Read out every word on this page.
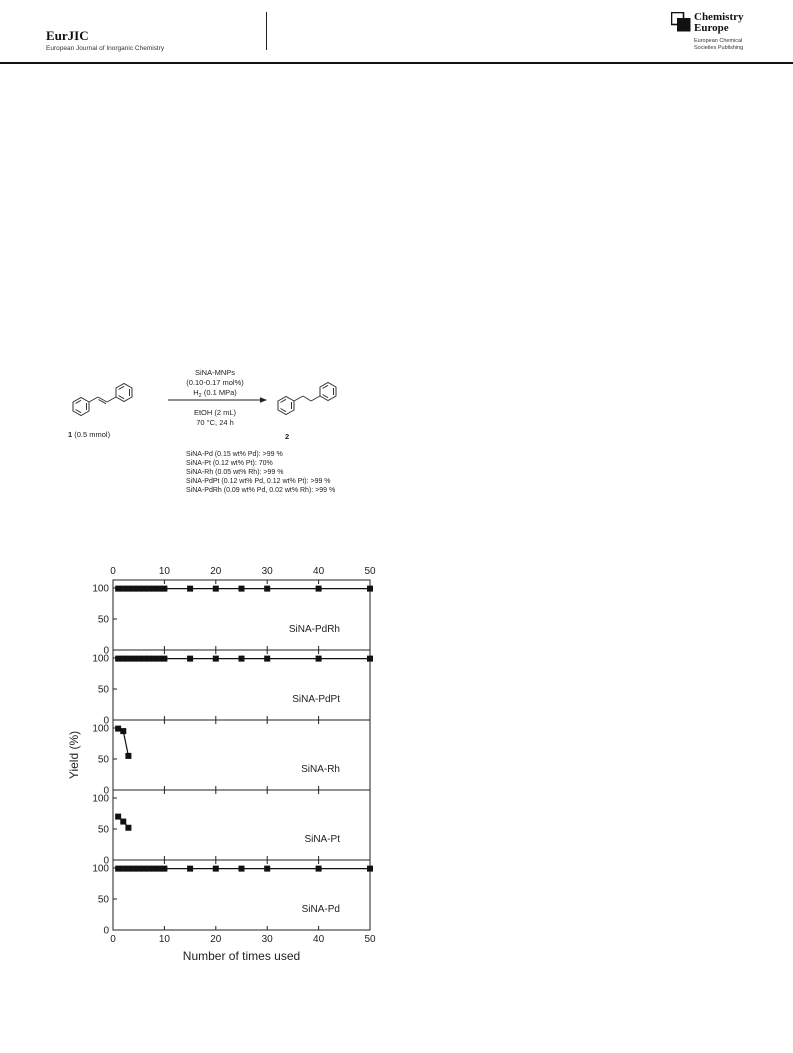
EurJIC
European Journal of Inorganic Chemistry
Chemistry
Europe
European Chemical
Societies Publishing
1 (0.5 mmol)
SiNA-MNPs
(0.10-0.17 mol%)
$H_2$ (0.1 MPa)
EtOH (2 mL)
70 °C, 24 h
2
SiNA-Pd (0.15 wt% Pd): >99 %
SiNA-Pt (0.12 wt% Pt): 70%
SiNA-Rh (0.05 wt% Rh): >99 %
SiNA-PdPt (0.12 wt% Pd, 0.12 wt% Pt): >99 %
SiNA-PdRh (0.09 wt% Pd, 0.02 wt% Rh): >99 %
Yield (%)
Number of times used
0	10	20	30	40	50
0
50
100
SiNA-PdRh
0
50
100
SiNA-PdPt
0
50
100
SiNA-Rh
0
50
100
SiNA-Pt
0
50
100
SiNA-Pd
0	10	20	30	40	50
